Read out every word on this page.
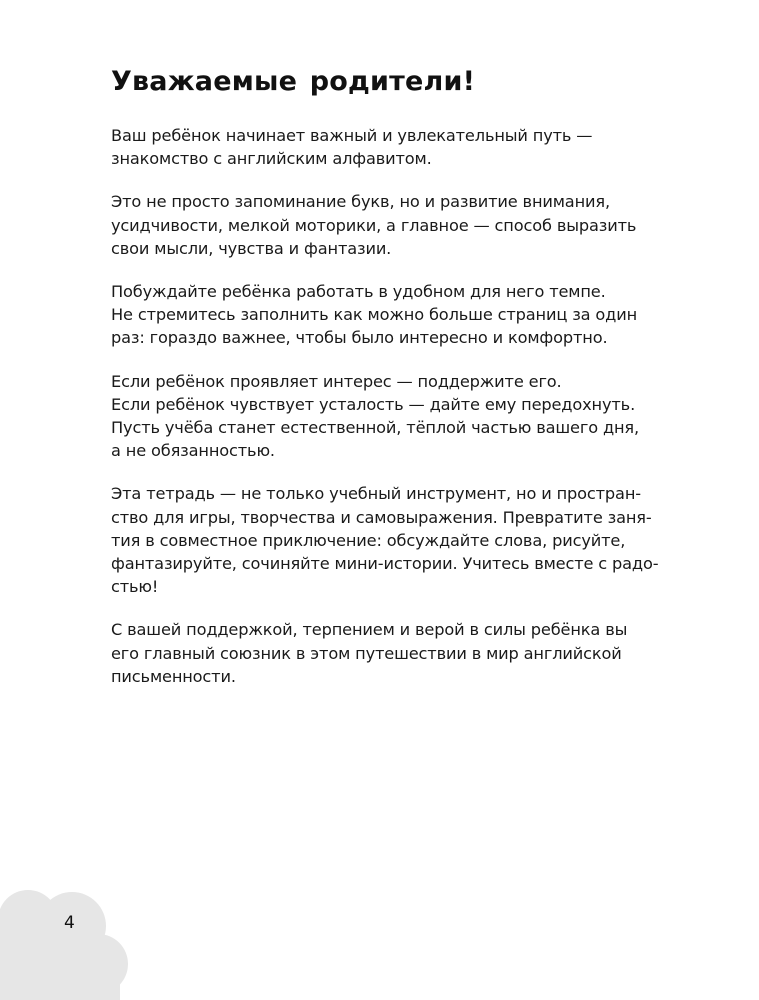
Уважаемые родители!

Ваш ребёнок начинает важный и увлекательный путь —
знакомство с английским алфавитом.

Это не просто запоминание букв, но и развитие внимания,
усидчивости, мелкой моторики, а главное — способ выразить
свои мысли, чувства и фантазии.

Побуждайте ребёнка работать в удобном для него темпе.
Не стремитесь заполнить как можно больше страниц за один
раз: гораздо важнее, чтобы было интересно и комфортно.

Если ребёнок проявляет интерес — поддержите его.
Если ребёнок чувствует усталость — дайте ему передохнуть.
Пусть учёба станет естественной, тёплой частью вашего дня,
а не обязанностью.

Эта тетрадь — не только учебный инструмент, но и простран-
ство для игры, творчества и самовыражения. Превратите заня-
тия в совместное приключение: обсуждайте слова, рисуйте,
фантазируйте, сочиняйте мини-истории. Учитесь вместе с радо-
стью!

С вашей поддержкой, терпением и верой в силы ребёнка вы
его главный союзник в этом путешествии в мир английской
письменности.

4
